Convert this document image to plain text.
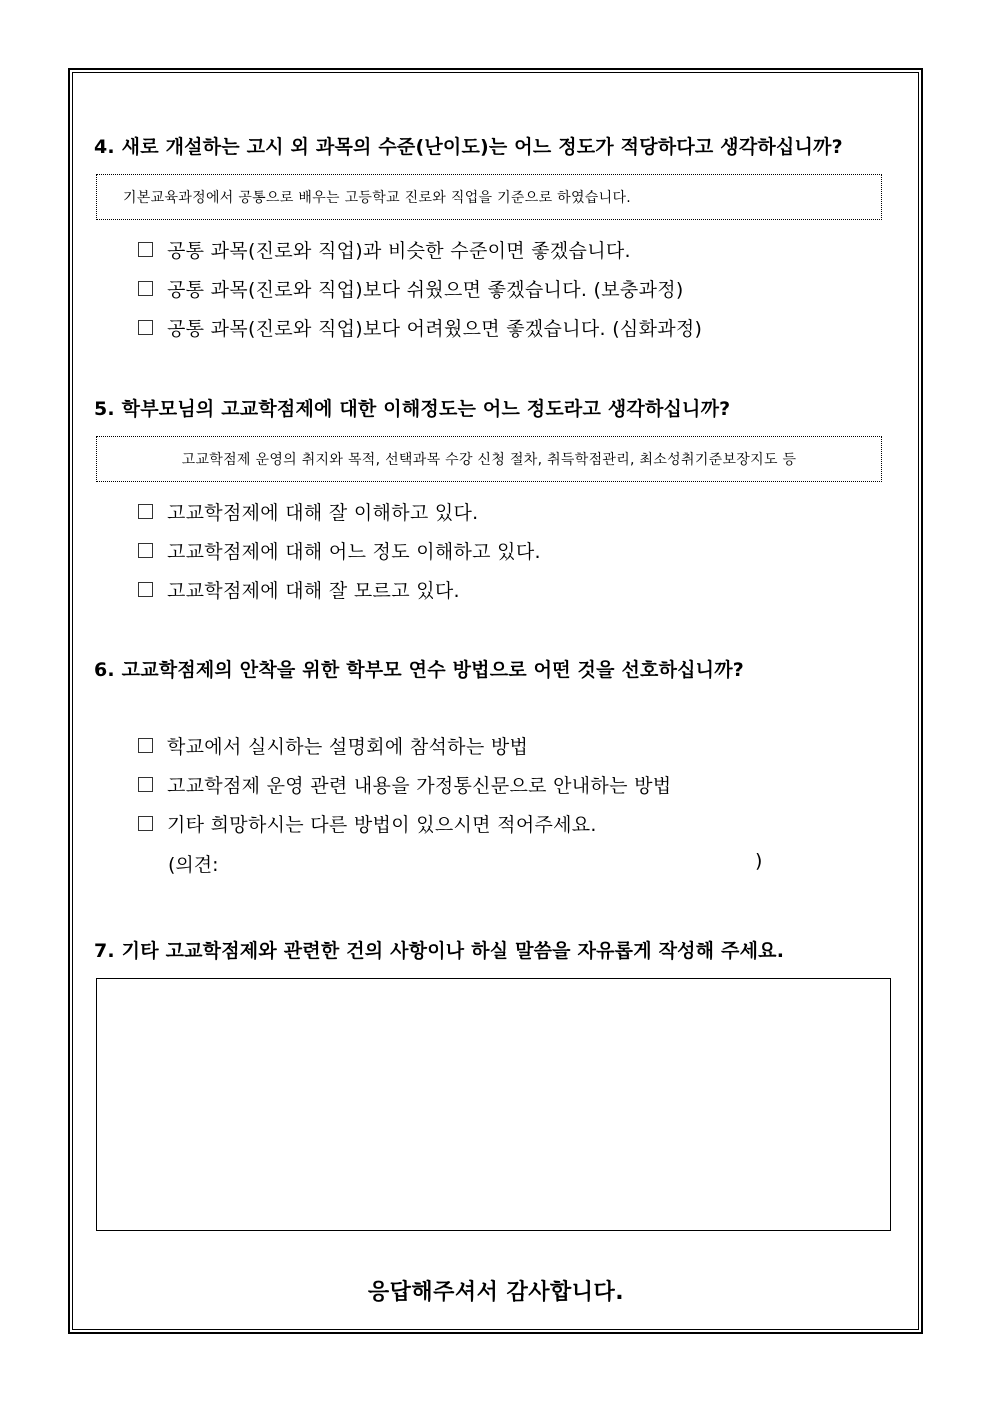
4. 새로 개설하는 고시 외 과목의 수준(난이도)는 어느 정도가 적당하다고 생각하십니까?
기본교육과정에서 공통으로 배우는 고등학교 진로와 직업을 기준으로 하였습니다.
공통 과목(진로와 직업)과 비슷한 수준이면 좋겠습니다.
공통 과목(진로와 직업)보다 쉬웠으면 좋겠습니다. (보충과정)
공통 과목(진로와 직업)보다 어려웠으면 좋겠습니다. (심화과정)
5. 학부모님의 고교학점제에 대한 이해정도는 어느 정도라고 생각하십니까?
고교학점제 운영의 취지와 목적, 선택과목 수강 신청 절차, 취득학점관리, 최소성취기준보장지도 등
고교학점제에 대해 잘 이해하고 있다.
고교학점제에 대해 어느 정도 이해하고 있다.
고교학점제에 대해 잘 모르고 있다.
6. 고교학점제의 안착을 위한 학부모 연수 방법으로 어떤 것을 선호하십니까?
학교에서 실시하는 설명회에 참석하는 방법
고교학점제 운영 관련 내용을 가정통신문으로 안내하는 방법
기타 희망하시는 다른 방법이 있으시면 적어주세요.
(의견:	)
7. 기타 고교학점제와 관련한 건의 사항이나 하실 말씀을 자유롭게 작성해 주세요.
응답해주셔서 감사합니다.
